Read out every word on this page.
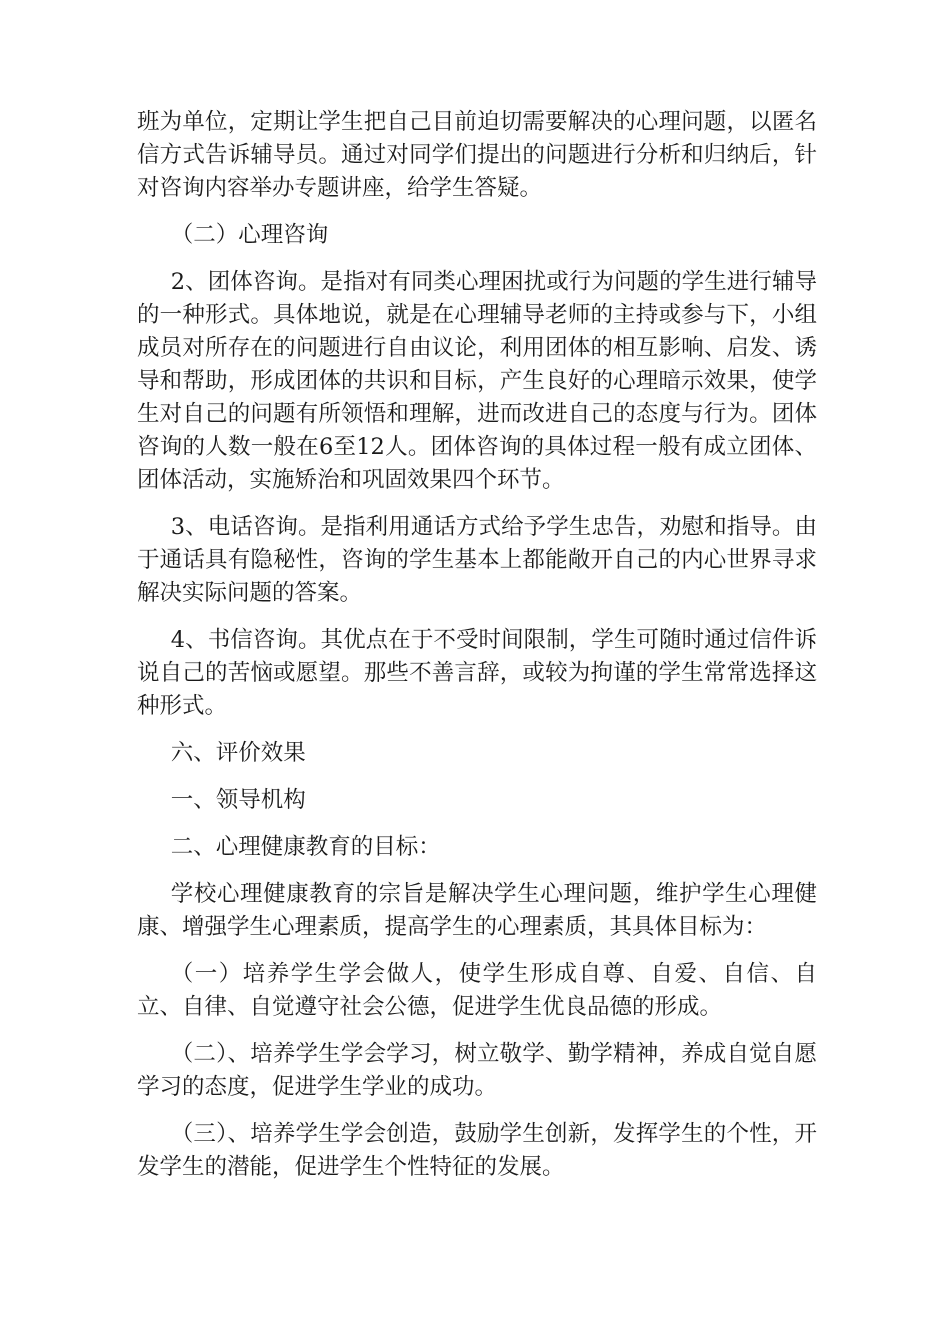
班为单位，定期让学生把自己目前迫切需要解决的心理问题，以匿名信方式告诉辅导员。通过对同学们提出的问题进行分析和归纳后，针对咨询内容举办专题讲座，给学生答疑。

（二）心理咨询

2、团体咨询。是指对有同类心理困扰或行为问题的学生进行辅导的一种形式。具体地说，就是在心理辅导老师的主持或参与下，小组成员对所存在的问题进行自由议论，利用团体的相互影响、启发、诱导和帮助，形成团体的共识和目标，产生良好的心理暗示效果，使学生对自己的问题有所领悟和理解，进而改进自己的态度与行为。团体咨询的人数一般在6至12人。团体咨询的具体过程一般有成立团体、团体活动，实施矫治和巩固效果四个环节。

3、电话咨询。是指利用通话方式给予学生忠告，劝慰和指导。由于通话具有隐秘性，咨询的学生基本上都能敞开自己的内心世界寻求解决实际问题的答案。

4、书信咨询。其优点在于不受时间限制，学生可随时通过信件诉说自己的苦恼或愿望。那些不善言辞，或较为拘谨的学生常常选择这种形式。

六、评价效果

一、领导机构

二、心理健康教育的目标：

学校心理健康教育的宗旨是解决学生心理问题，维护学生心理健康、增强学生心理素质，提高学生的心理素质，其具体目标为：

（一）培养学生学会做人，使学生形成自尊、自爱、自信、自立、自律、自觉遵守社会公德，促进学生优良品德的形成。

（二）、培养学生学会学习，树立敬学、勤学精神，养成自觉自愿学习的态度，促进学生学业的成功。

（三）、培养学生学会创造，鼓励学生创新，发挥学生的个性，开发学生的潜能，促进学生个性特征的发展。
